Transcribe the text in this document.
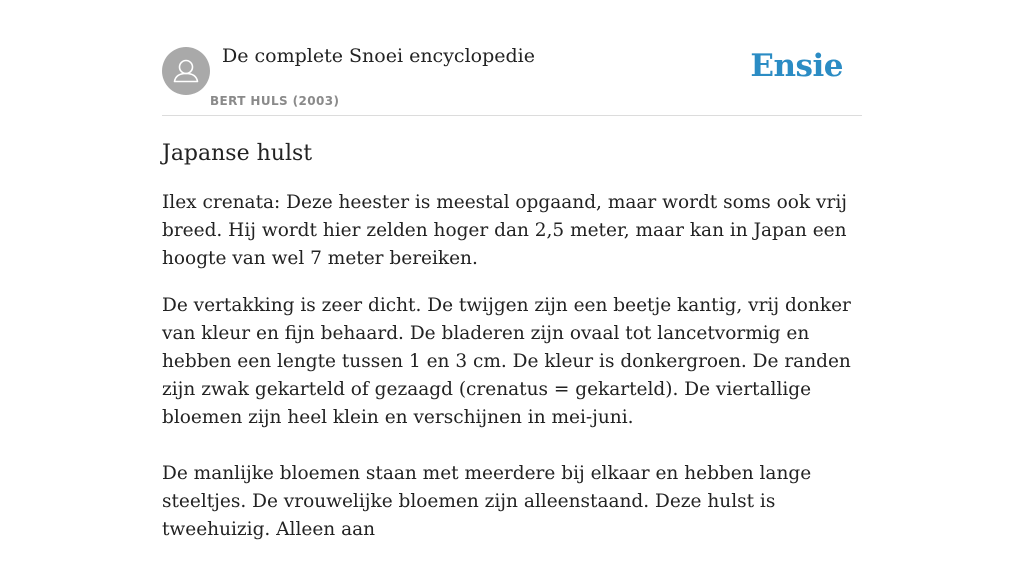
De complete Snoei encyclopedie
BERT HULS (2003)
Ensie
Japanse hulst

Ilex crenata: Deze heester is meestal opgaand, maar wordt soms ook vrij breed. Hij wordt hier zelden hoger dan 2,5 meter, maar kan in Japan een hoogte van wel 7 meter bereiken.

De vertakking is zeer dicht. De twijgen zijn een beetje kantig, vrij donker van kleur en fijn behaard. De bladeren zijn ovaal tot lancetvormig en hebben een lengte tussen 1 en 3 cm. De kleur is donkergroen. De randen zijn zwak gekarteld of gezaagd (crenatus = gekarteld). De viertallige bloemen zijn heel klein en verschijnen in mei-juni.

De manlijke bloemen staan met meerdere bij elkaar en hebben lange steeltjes. De vrouwelijke bloemen zijn alleenstaand. Deze hulst is tweehuizig. Alleen aan
